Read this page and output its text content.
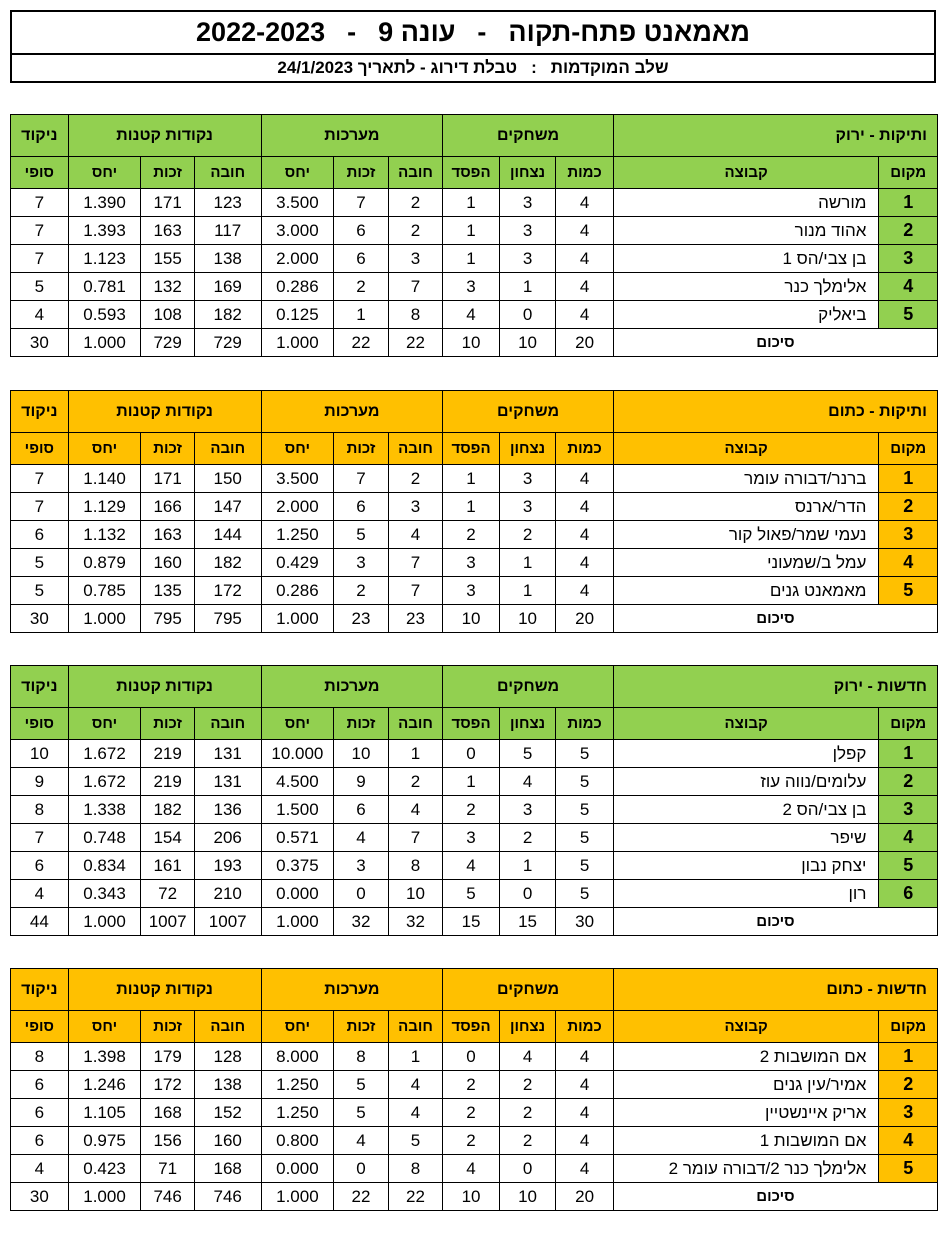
מאמאנט פתח-תקוה-עונה 9-2022-2023
שלב המוקדמות:טבלת דירוג - לתאריך 24/1/2023
ותיקות - ירוק		משחקים			מערכות			נקודות קטנות			ניקוד
מקום	קבוצה	כמות	נצחון	הפסד	חובה	זכות	יחס	חובה	זכות	יחס	סופי
1	מורשה	4	3	1	2	7	3.500	123	171	1.390	7
2	אהוד מנור	4	3	1	2	6	3.000	117	163	1.393	7
3	בן צבי/הס 1	4	3	1	3	6	2.000	138	155	1.123	7
4	אלימלך כנר	4	1	3	7	2	0.286	169	132	0.781	5
5	ביאליק	4	0	4	8	1	0.125	182	108	0.593	4
סיכום		20	10	10	22	22	1.000	729	729	1.000	30
ותיקות - כתום		משחקים			מערכות			נקודות קטנות			ניקוד
מקום	קבוצה	כמות	נצחון	הפסד	חובה	זכות	יחס	חובה	זכות	יחס	סופי
1	ברנר/דבורה עומר	4	3	1	2	7	3.500	150	171	1.140	7
2	הדר/ארנס	4	3	1	3	6	2.000	147	166	1.129	7
3	נעמי שמר/פאול קור	4	2	2	4	5	1.250	144	163	1.132	6
4	עמל ב/שמעוני	4	1	3	7	3	0.429	182	160	0.879	5
5	מאמאנט גנים	4	1	3	7	2	0.286	172	135	0.785	5
סיכום		20	10	10	23	23	1.000	795	795	1.000	30
חדשות - ירוק		משחקים			מערכות			נקודות קטנות			ניקוד
מקום	קבוצה	כמות	נצחון	הפסד	חובה	זכות	יחס	חובה	זכות	יחס	סופי
1	קפלן	5	5	0	1	10	10.000	131	219	1.672	10
2	עלומים/נווה עוז	5	4	1	2	9	4.500	131	219	1.672	9
3	בן צבי/הס 2	5	3	2	4	6	1.500	136	182	1.338	8
4	שיפר	5	2	3	7	4	0.571	206	154	0.748	7
5	יצחק נבון	5	1	4	8	3	0.375	193	161	0.834	6
6	רון	5	0	5	10	0	0.000	210	72	0.343	4
סיכום		30	15	15	32	32	1.000	1007	1007	1.000	44
חדשות - כתום		משחקים			מערכות			נקודות קטנות			ניקוד
מקום	קבוצה	כמות	נצחון	הפסד	חובה	זכות	יחס	חובה	זכות	יחס	סופי
1	אם המושבות 2	4	4	0	1	8	8.000	128	179	1.398	8
2	אמיר/עין גנים	4	2	2	4	5	1.250	138	172	1.246	6
3	אריק איינשטיין	4	2	2	4	5	1.250	152	168	1.105	6
4	אם המושבות 1	4	2	2	5	4	0.800	160	156	0.975	6
5	אלימלך כנר 2/דבורה עומר 2	4	0	4	8	0	0.000	168	71	0.423	4
סיכום		20	10	10	22	22	1.000	746	746	1.000	30
